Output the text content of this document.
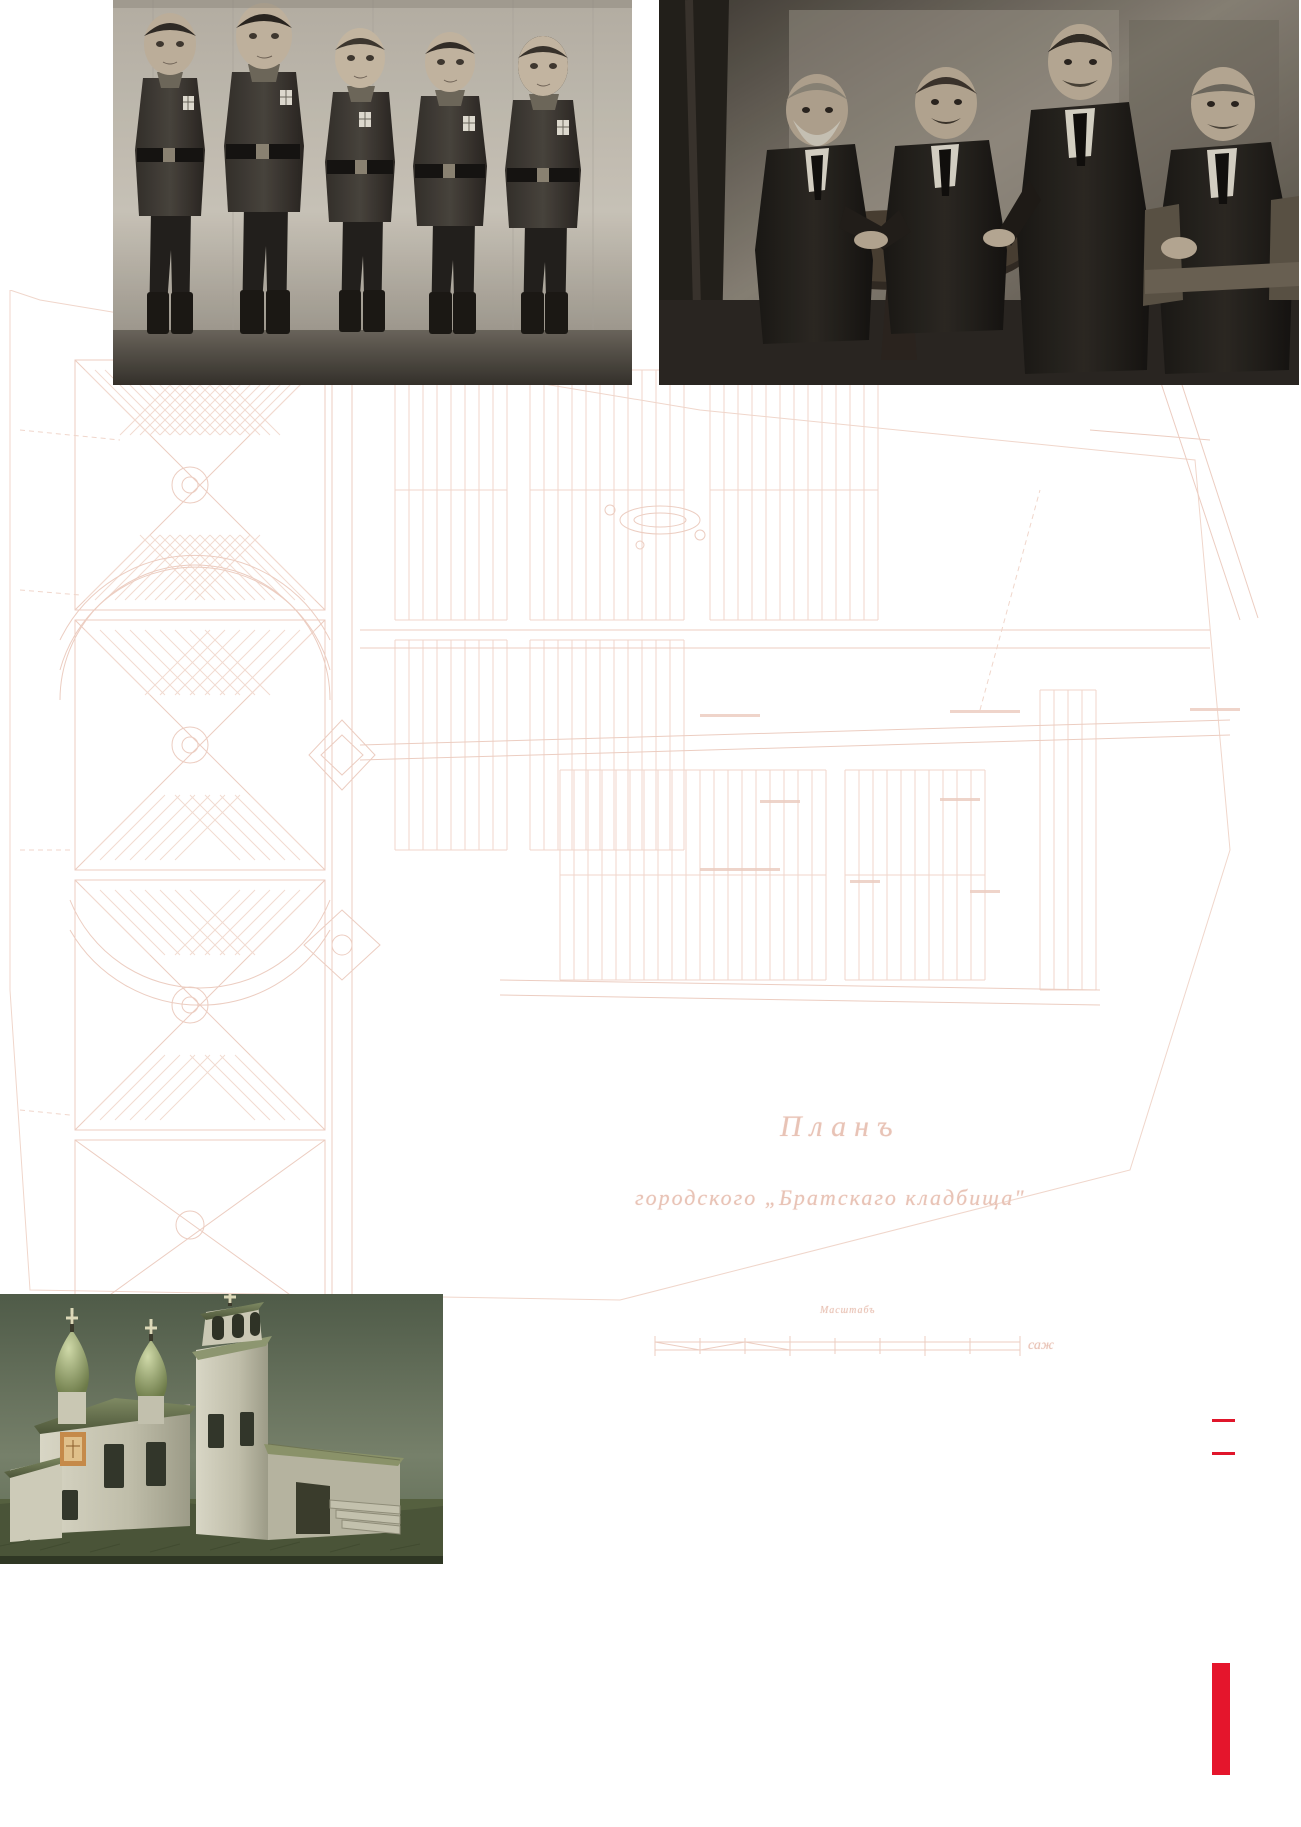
Планъ
городского „Братскаго кладбища"
Масштабъ
саж
